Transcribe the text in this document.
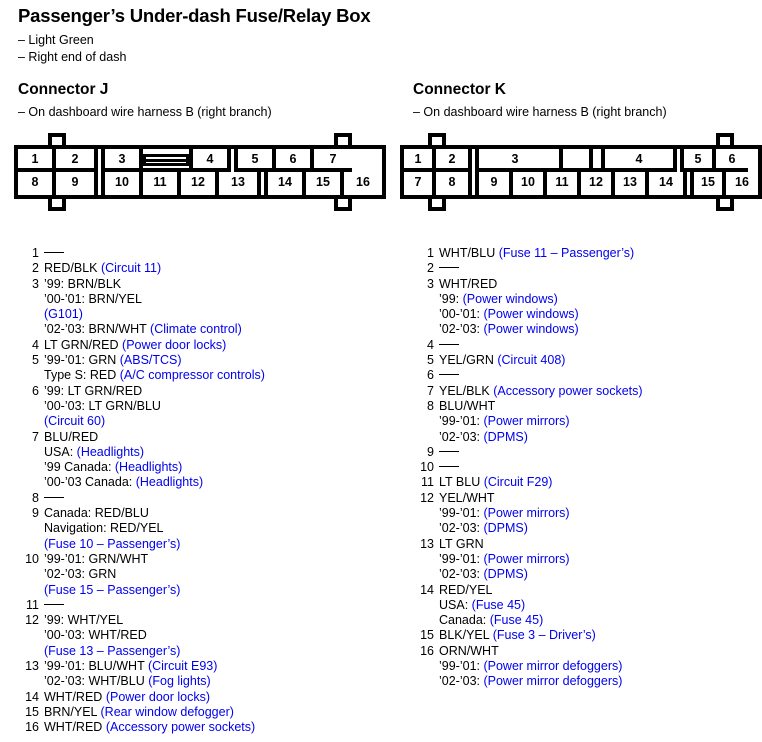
Passenger’s Under-dash Fuse/Relay Box
– Light Green
– Right end of dash
Connector J
– On dashboard wire harness B (right branch)
Connector K
– On dashboard wire harness B (right branch)
1	2	3	4	5	6	7
8	9	10	11	12	13	14	15	16
1	2	3	4	5	6
7	8	9	10	11	12	13	14	15	16
1
2 RED/BLK (Circuit 11)
3 ’99: BRN/BLK
’00-’01: BRN/YEL
(G101)
’02-’03: BRN/WHT (Climate control)
4 LT GRN/RED (Power door locks)
5 ’99-’01: GRN (ABS/TCS)
Type S: RED (A/C compressor controls)
6 ’99: LT GRN/RED
’00-’03: LT GRN/BLU
(Circuit 60)
7 BLU/RED
USA: (Headlights)
’99 Canada: (Headlights)
’00-’03 Canada: (Headlights)
8
9 Canada: RED/BLU
Navigation: RED/YEL
(Fuse 10 – Passenger’s)
10 ’99-’01: GRN/WHT
’02-’03: GRN
(Fuse 15 – Passenger’s)
11
12 ’99: WHT/YEL
’00-’03: WHT/RED
(Fuse 13 – Passenger’s)
13 ’99-’01: BLU/WHT (Circuit E93)
’02-’03: WHT/BLU (Fog lights)
14 WHT/RED (Power door locks)
15 BRN/YEL (Rear window defogger)
16 WHT/RED (Accessory power sockets)
1 WHT/BLU (Fuse 11 – Passenger’s)
2
3 WHT/RED
’99: (Power windows)
’00-’01: (Power windows)
’02-’03: (Power windows)
4
5 YEL/GRN (Circuit 408)
6
7 YEL/BLK (Accessory power sockets)
8 BLU/WHT
’99-’01: (Power mirrors)
’02-’03: (DPMS)
9
10
11 LT BLU (Circuit F29)
12 YEL/WHT
’99-’01: (Power mirrors)
’02-’03: (DPMS)
13 LT GRN
’99-’01: (Power mirrors)
’02-’03: (DPMS)
14 RED/YEL
USA: (Fuse 45)
Canada: (Fuse 45)
15 BLK/YEL (Fuse 3 – Driver’s)
16 ORN/WHT
’99-’01: (Power mirror defoggers)
’02-’03: (Power mirror defoggers)
